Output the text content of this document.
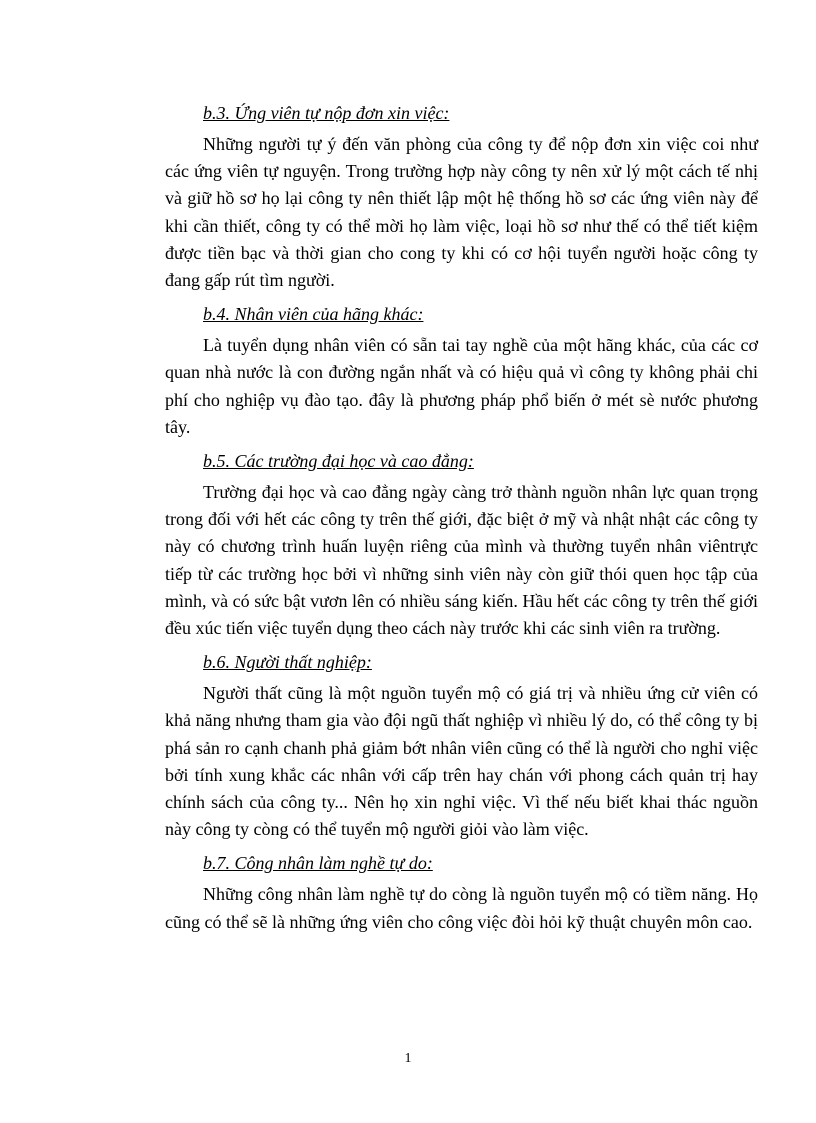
b.3. Ứng viên tự nộp đơn xin việc:

Những người tự ý đến văn phòng của công ty để nộp đơn xin việc coi như các ứng viên tự nguyện. Trong trường hợp này công ty nên xử lý một cách tế nhị và giữ hồ sơ họ lại công ty nên thiết lập một hệ thống hồ sơ các ứng viên này để khi cần thiết, công ty có thể mời họ làm việc, loại hồ sơ như thế có thể tiết kiệm được tiền bạc và thời gian cho cong ty khi có cơ hội tuyển người hoặc công ty đang gấp rút tìm người.

b.4. Nhân viên của hãng khác:

Là tuyển dụng nhân viên có sẵn tai tay nghề của một hãng khác, của các cơ quan nhà nước là con đường ngắn nhất và có hiệu quả vì công ty không phải chi phí cho nghiệp vụ đào tạo. đây là phương pháp phổ biến ở mét sè nước phương tây.

b.5. Các trường đại học và cao đẳng:

Trường đại học và cao đẳng ngày càng trở thành nguồn nhân lực quan trọng trong đối với hết các công ty trên thế giới, đặc biệt ở mỹ và nhật nhật các công ty này có chương trình huấn luyện riêng của mình và thường tuyển nhân viêntrực tiếp từ các trường học bởi vì những sinh viên này còn giữ thói quen học tập của mình, và có sức bật vươn lên có nhiều sáng kiến. Hầu hết các công ty trên thế giới đều xúc tiến việc tuyển dụng theo cách này trước khi các sinh viên ra trường.

b.6. Người thất nghiệp:

Người thất cũng là một nguồn tuyển mộ có giá trị và nhiều ứng cử viên có khả năng nhưng tham gia vào đội ngũ thất nghiệp vì nhiều lý do, có thể công ty bị phá sản ro cạnh chanh phả giảm bớt nhân viên cũng có thể là người cho nghỉ việc bởi tính xung khắc các nhân với cấp trên hay chán với phong cách quản trị hay chính sách của công ty... Nên họ xin nghỉ việc. Vì thế nếu biết khai thác nguồn này công ty còng có thể tuyển mộ người giỏi vào làm việc.

b.7. Công nhân làm nghề tự do:

Những công nhân làm nghề tự do còng là nguồn tuyển mộ có tiềm năng. Họ cũng có thể sẽ là những ứng viên cho công việc đòi hỏi kỹ thuật chuyên môn cao.

1
